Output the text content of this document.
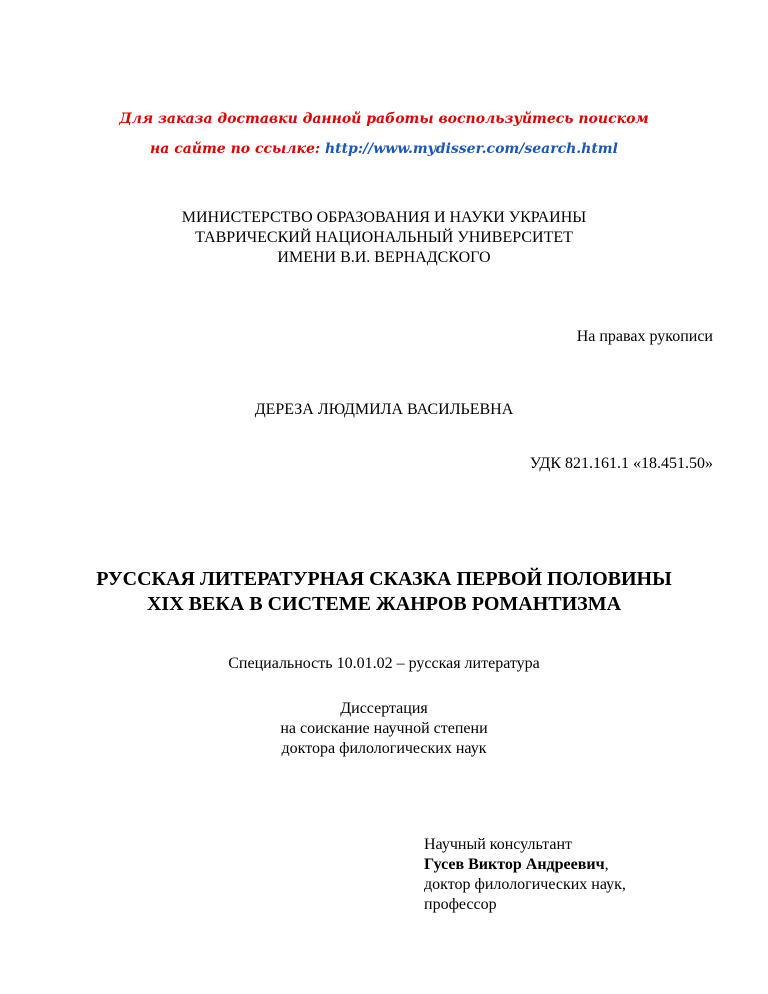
Для заказа доставки данной работы воспользуйтесь поиском
на сайте по ссылке: http://www.mydisser.com/search.html
МИНИСТЕРСТВО ОБРАЗОВАНИЯ И НАУКИ УКРАИНЫ
ТАВРИЧЕСКИЙ НАЦИОНАЛЬНЫЙ УНИВЕРСИТЕТ
ИМЕНИ В.И. ВЕРНАДСКОГО
На правах рукописи
ДЕРЕЗА ЛЮДМИЛА ВАСИЛЬЕВНА
УДК 821.161.1 «18.451.50»
РУССКАЯ ЛИТЕРАТУРНАЯ СКАЗКА ПЕРВОЙ ПОЛОВИНЫ
XIX ВЕКА В СИСТЕМЕ ЖАНРОВ РОМАНТИЗМА
Специальность 10.01.02 – русская литература
Диссертация
на соискание научной степени
доктора филологических наук
Научный консультант
Гусев Виктор Андреевич,
доктор филологических наук,
профессор
